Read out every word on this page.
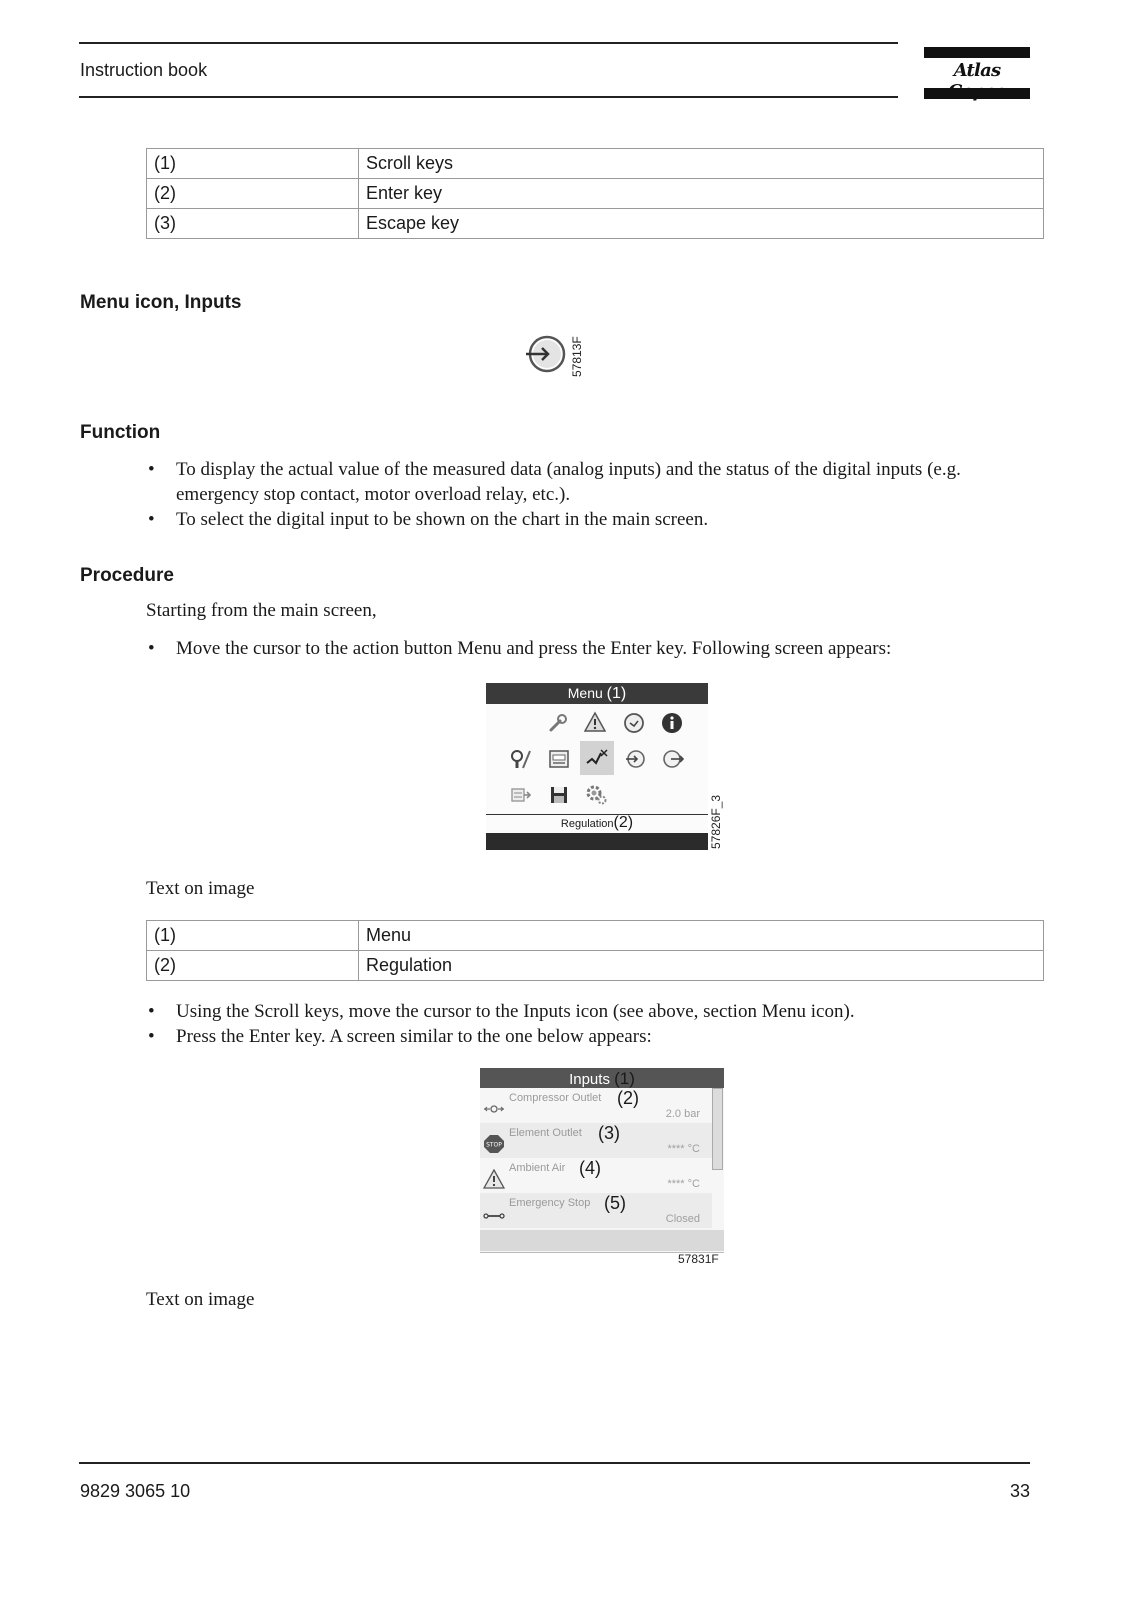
Instruction book	Atlas
(1)	Scroll keys
(2)	Enter key
(3)	Escape key
Menu icon, Inputs
57813F
Function
• To display the actual value of the measured data (analog inputs) and the status of the digital inputs (e.g. emergency stop contact, motor overload relay, etc.).
• To select the digital input to be shown on the chart in the main screen.
Procedure
Starting from the main screen,
• Move the cursor to the action button Menu and press the Enter key. Following screen appears:
Menu (1)
Regulation(2)	57826F_3
Text on image
(1)	Menu
(2)	Regulation
• Using the Scroll keys, move the cursor to the Inputs icon (see above, section Menu icon).
• Press the Enter key. A screen similar to the one below appears:
Inputs (1)
Compressor Outlet (2)
2.0 bar
STOP
Element Outlet (3)
**** °C
Ambient Air (4)
**** °C
Emergency Stop (5)
Closed
57831F
Text on image
9829 3065 10	33
